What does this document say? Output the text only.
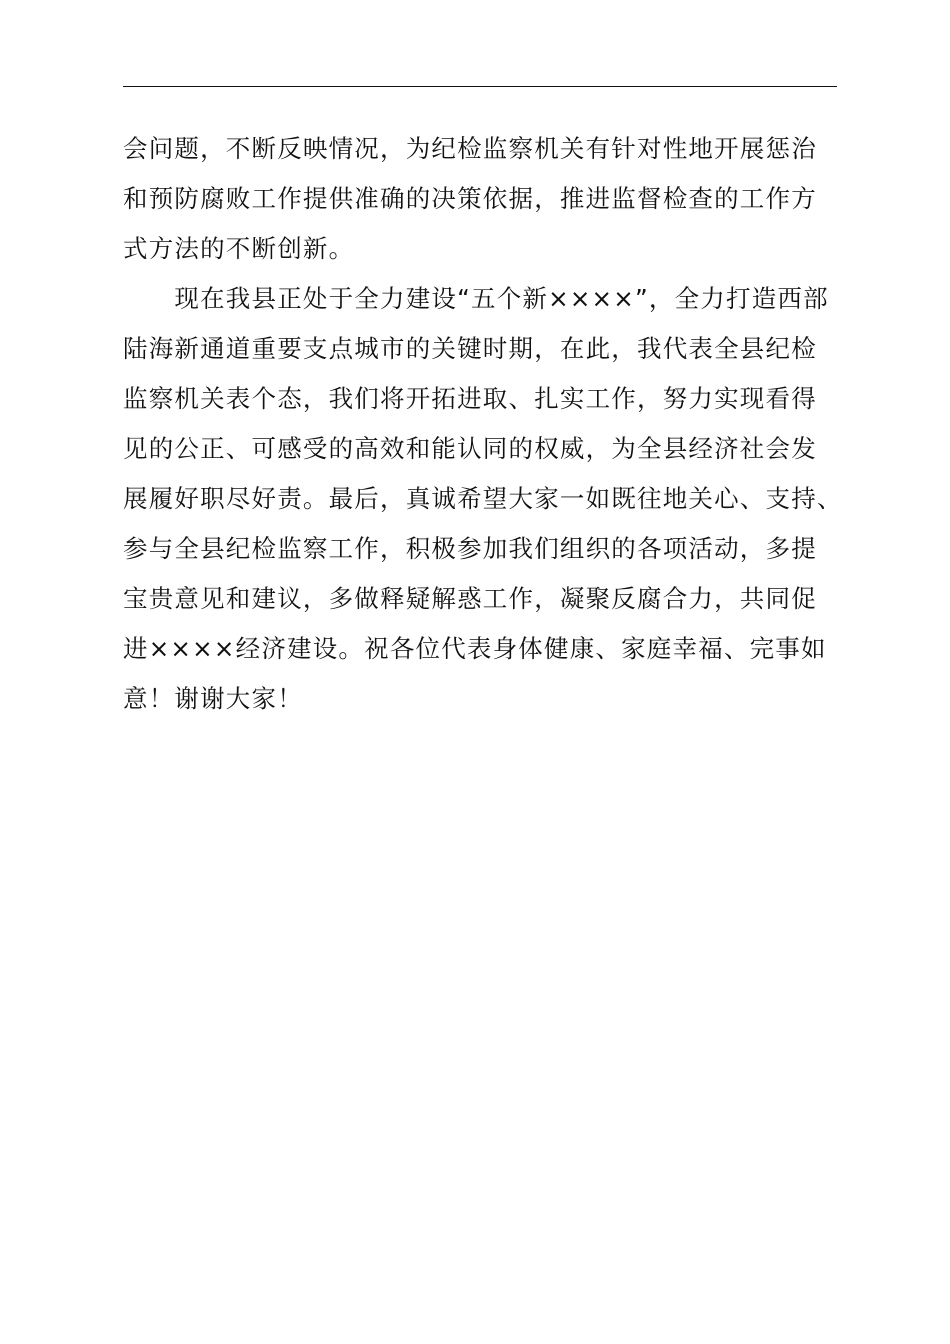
会问题，不断反映情况，为纪检监察机关有针对性地开展惩治
和预防腐败工作提供准确的决策依据，推进监督检查的工作方
式方法的不断创新。
　　现在我县正处于全力建设“五个新××××”，全力打造西部
陆海新通道重要支点城市的关键时期，在此，我代表全县纪检
监察机关表个态，我们将开拓进取、扎实工作，努力实现看得
见的公正、可感受的高效和能认同的权威，为全县经济社会发
展履好职尽好责。最后，真诚希望大家一如既往地关心、支持、
参与全县纪检监察工作，积极参加我们组织的各项活动，多提
宝贵意见和建议，多做释疑解惑工作，凝聚反腐合力，共同促
进××××经济建设。祝各位代表身体健康、家庭幸福、完事如
意！谢谢大家！
